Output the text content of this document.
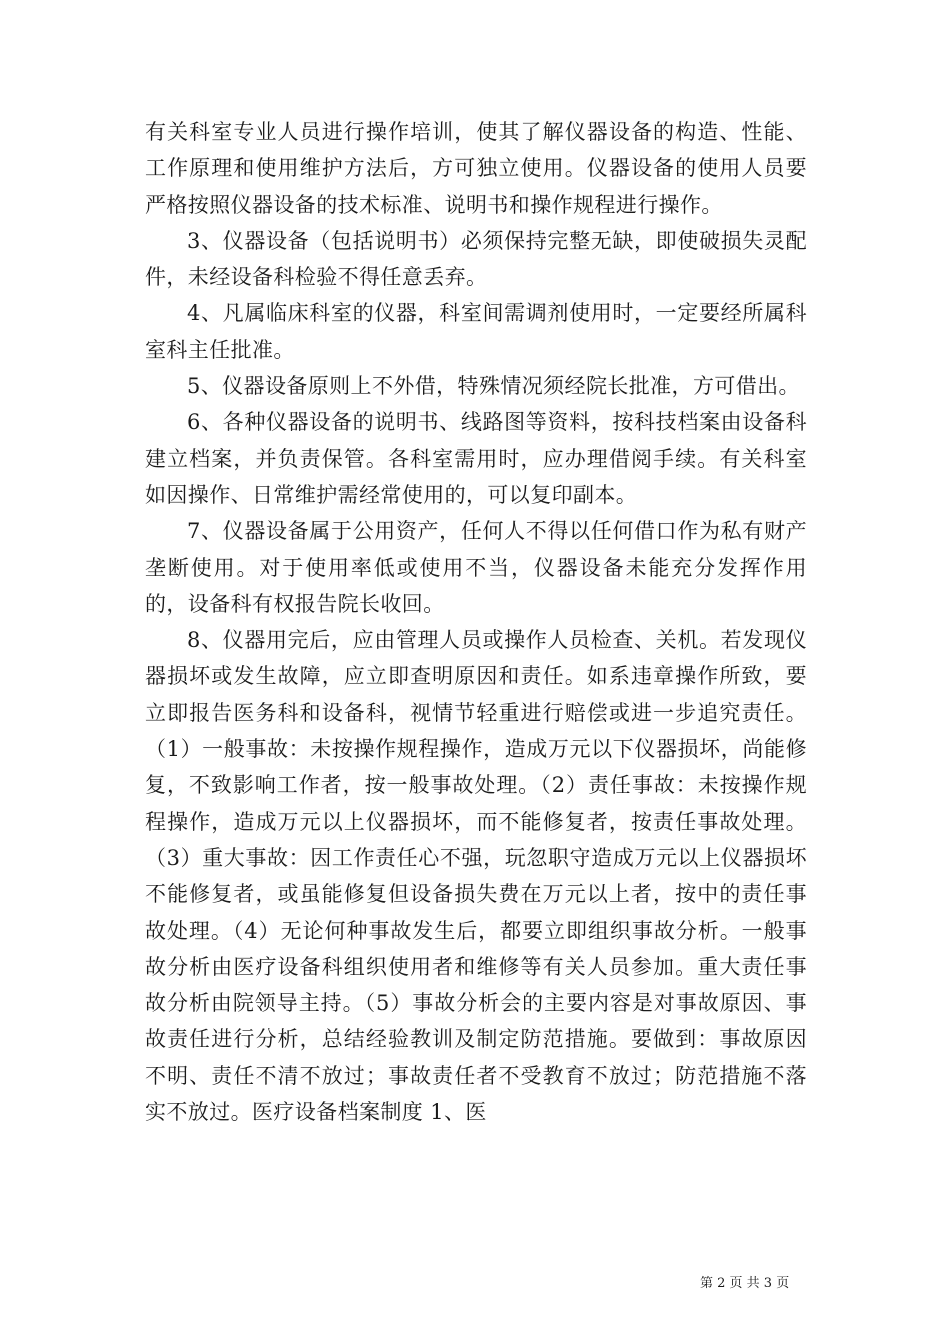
有关科室专业人员进行操作培训，使其了解仪器设备的构造、性能、工作原理和使用维护方法后，方可独立使用。仪器设备的使用人员要严格按照仪器设备的技术标准、说明书和操作规程进行操作。

3、仪器设备（包括说明书）必须保持完整无缺，即使破损失灵配件，未经设备科检验不得任意丢弃。

4、凡属临床科室的仪器，科室间需调剂使用时，一定要经所属科室科主任批准。

5、仪器设备原则上不外借，特殊情况须经院长批准，方可借出。

6、各种仪器设备的说明书、线路图等资料，按科技档案由设备科建立档案，并负责保管。各科室需用时，应办理借阅手续。有关科室如因操作、日常维护需经常使用的，可以复印副本。

7、仪器设备属于公用资产，任何人不得以任何借口作为私有财产垄断使用。对于使用率低或使用不当，仪器设备未能充分发挥作用的，设备科有权报告院长收回。

8、仪器用完后，应由管理人员或操作人员检查、关机。若发现仪器损坏或发生故障，应立即查明原因和责任。如系违章操作所致，要立即报告医务科和设备科，视情节轻重进行赔偿或进一步追究责任。（1）一般事故：未按操作规程操作，造成万元以下仪器损坏，尚能修复，不致影响工作者，按一般事故处理。（2）责任事故：未按操作规程操作，造成万元以上仪器损坏，而不能修复者，按责任事故处理。（3）重大事故：因工作责任心不强，玩忽职守造成万元以上仪器损坏不能修复者，或虽能修复但设备损失费在万元以上者，按中的责任事故处理。（4）无论何种事故发生后，都要立即组织事故分析。一般事故分析由医疗设备科组织使用者和维修等有关人员参加。重大责任事故分析由院领导主持。（5）事故分析会的主要内容是对事故原因、事故责任进行分析，总结经验教训及制定防范措施。要做到：事故原因不明、责任不清不放过；事故责任者不受教育不放过；防范措施不落实不放过。医疗设备档案制度 1、医

第 2 页 共 3 页
